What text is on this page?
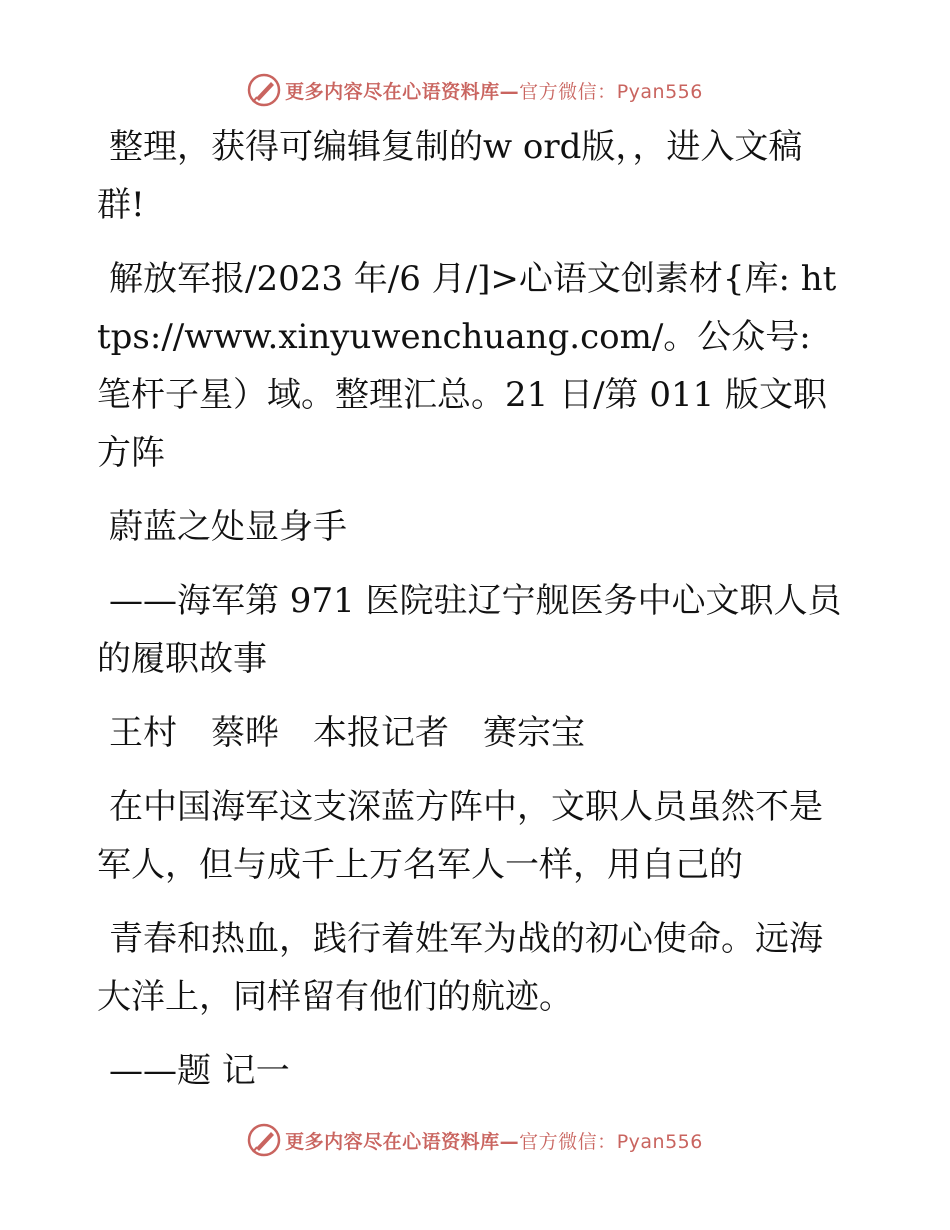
更多内容尽在心语资料库—官方微信：Pyan556

整理，获得可编辑复制的w ord版，，进入文稿群!

解放军报/2023 年/6 月/]>心语文创素材{库: https://www.xinyuwenchuang.com/。公众号: 笔杆子星）域。整理汇总。21 日/第 011 版文职方阵

蔚蓝之处显身手

——海军第 971 医院驻辽宁舰医务中心文职人员的履职故事

王村　蔡晔　本报记者　赛宗宝

在中国海军这支深蓝方阵中，文职人员虽然不是军人，但与成千上万名军人一样，用自己的

青春和热血，践行着姓军为战的初心使命。远海大洋上，同样留有他们的航迹。

——题 记一

更多内容尽在心语资料库—官方微信：Pyan556
